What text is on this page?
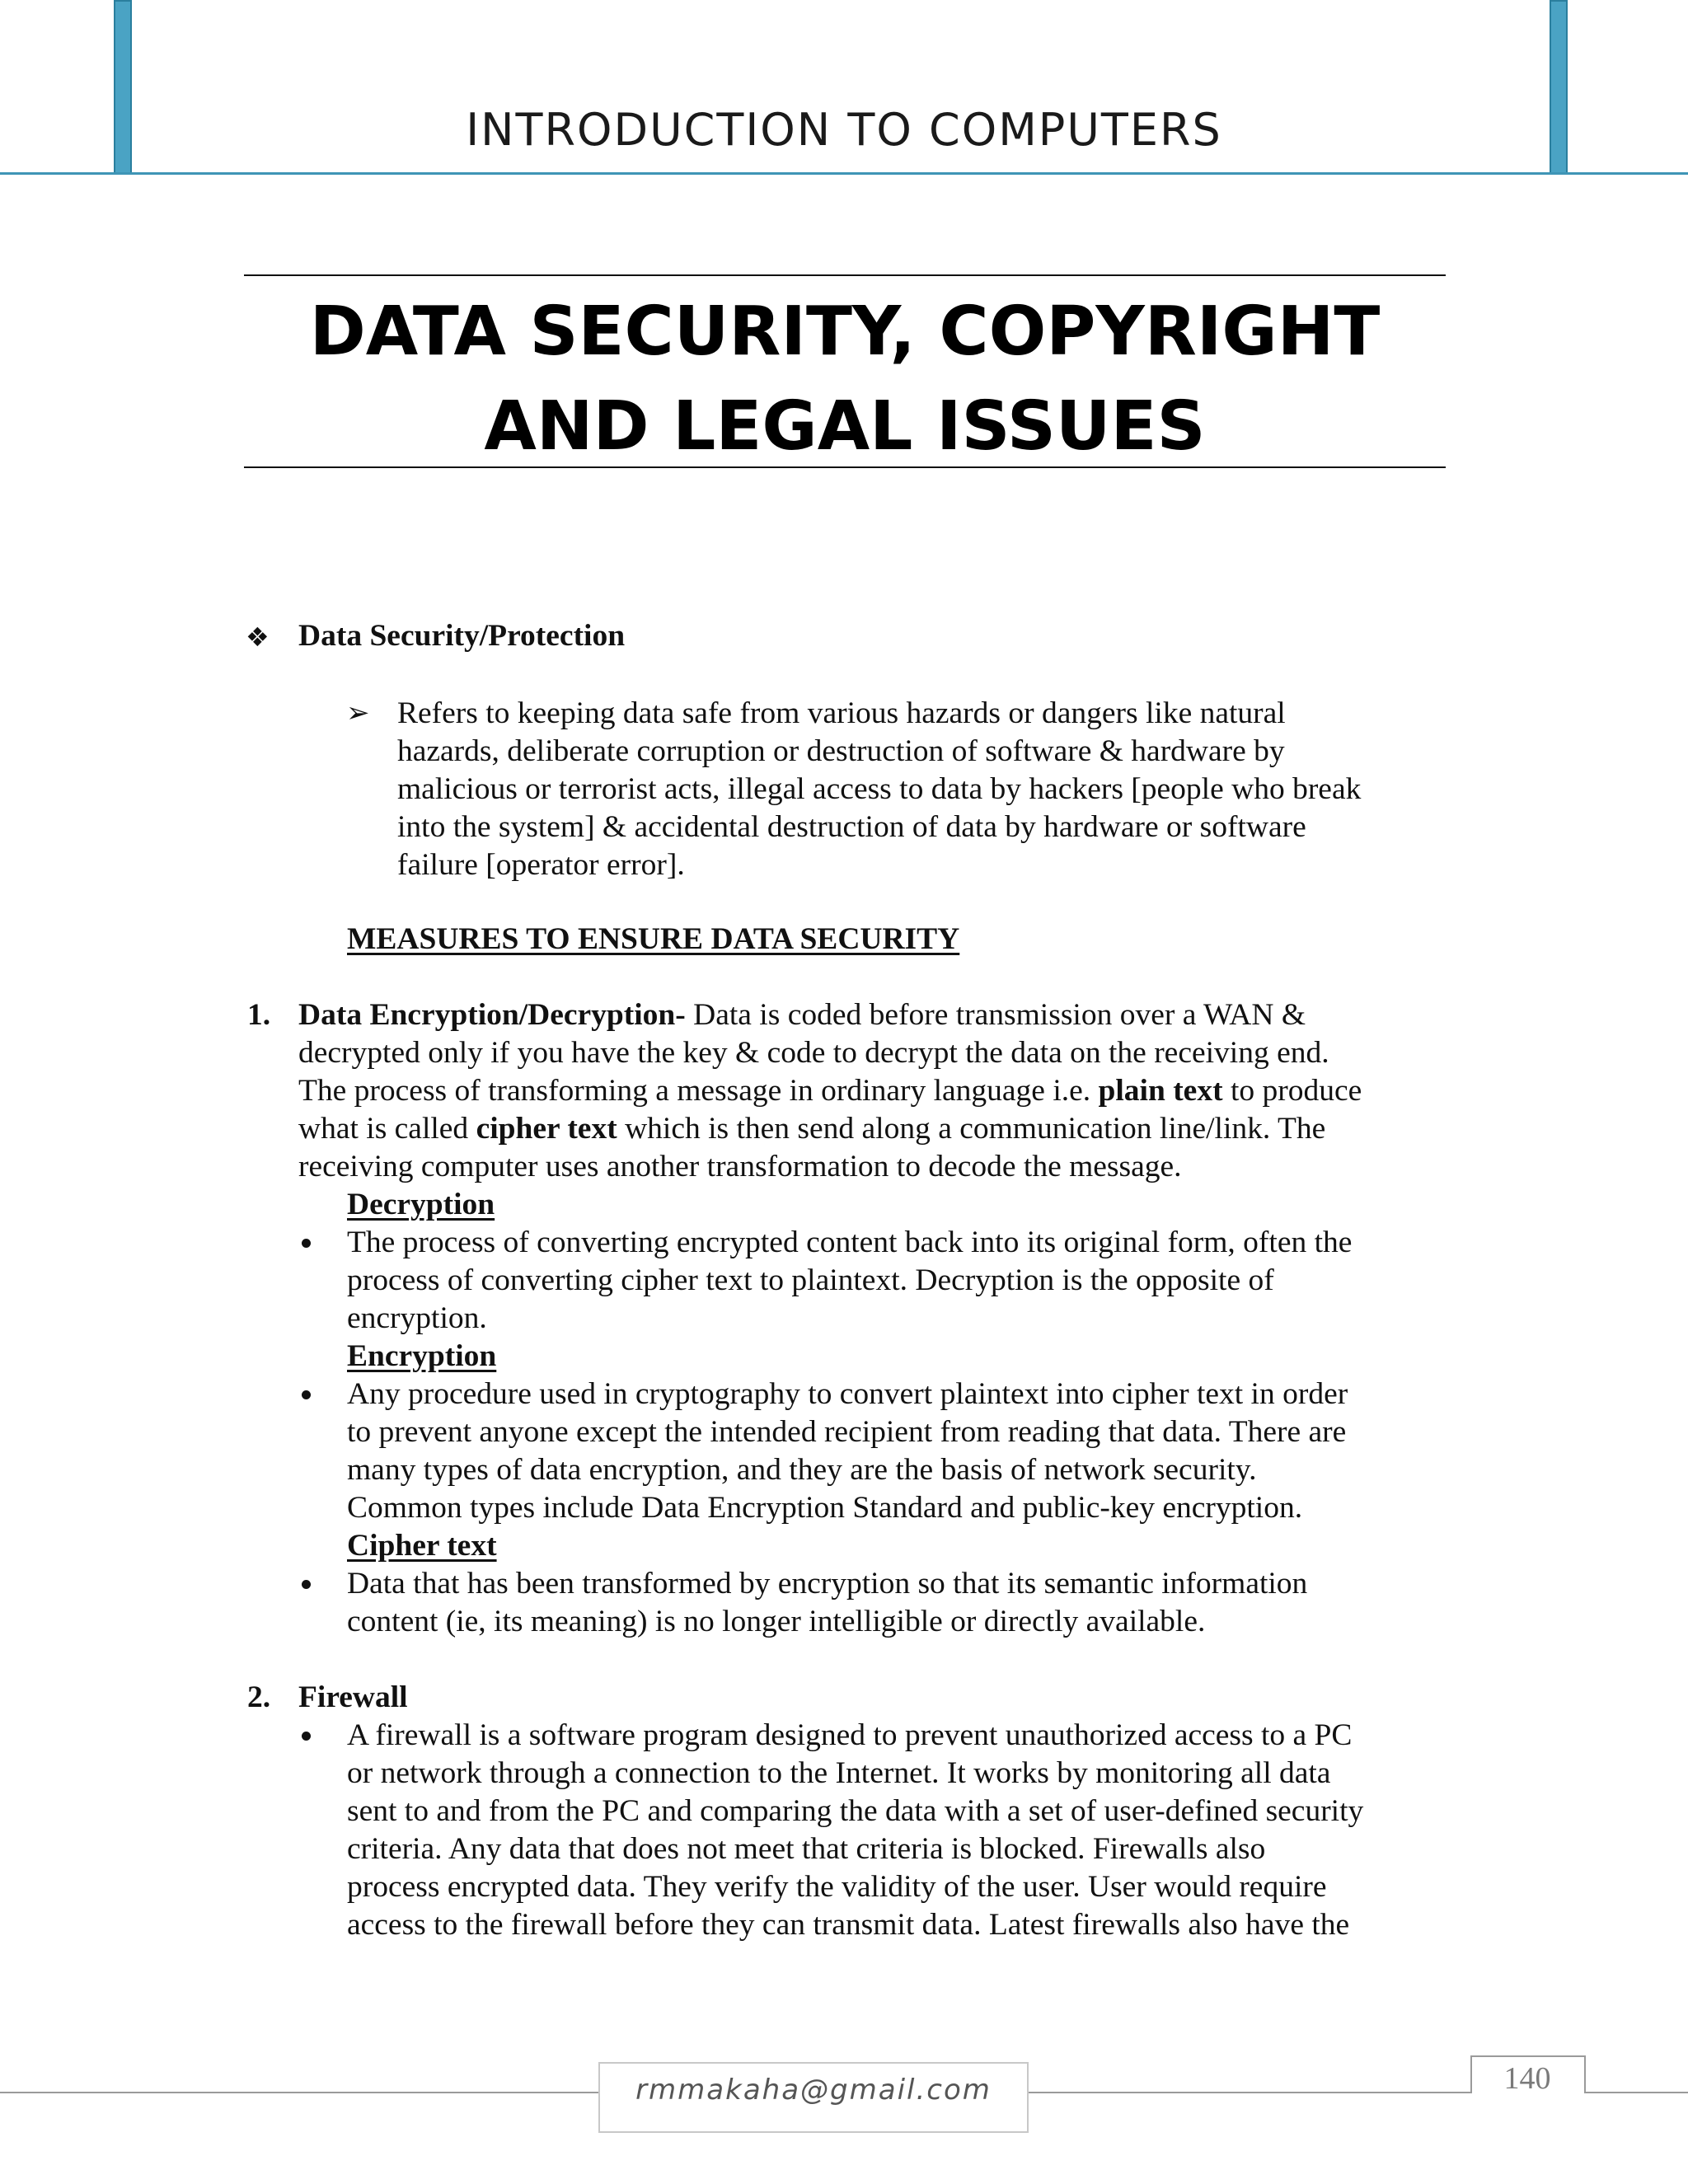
INTRODUCTION TO COMPUTERS
DATA SECURITY, COPYRIGHT
AND LEGAL ISSUES
❖ Data Security/Protection
➢ Refers to keeping data safe from various hazards or dangers like natural
hazards, deliberate corruption or destruction of software & hardware by
malicious or terrorist acts, illegal access to data by hackers [people who break
into the system] & accidental destruction of data by hardware or software
failure [operator error].
MEASURES TO ENSURE DATA SECURITY
1. Data Encryption/Decryption- Data is coded before transmission over a WAN &
decrypted only if you have the key & code to decrypt the data on the receiving end.
The process of transforming a message in ordinary language i.e. plain text to produce
what is called cipher text which is then send along a communication line/link. The
receiving computer uses another transformation to decode the message.
Decryption
The process of converting encrypted content back into its original form, often the
process of converting cipher text to plaintext. Decryption is the opposite of
encryption.
Encryption
Any procedure used in cryptography to convert plaintext into cipher text in order
to prevent anyone except the intended recipient from reading that data. There are
many types of data encryption, and they are the basis of network security.
Common types include Data Encryption Standard and public-key encryption.
Cipher text
Data that has been transformed by encryption so that its semantic information
content (ie, its meaning) is no longer intelligible or directly available.
2. Firewall
A firewall is a software program designed to prevent unauthorized access to a PC
or network through a connection to the Internet. It works by monitoring all data
sent to and from the PC and comparing the data with a set of user-defined security
criteria. Any data that does not meet that criteria is blocked. Firewalls also
process encrypted data. They verify the validity of the user. User would require
access to the firewall before they can transmit data. Latest firewalls also have the
rmmakaha@gmail.com	140
